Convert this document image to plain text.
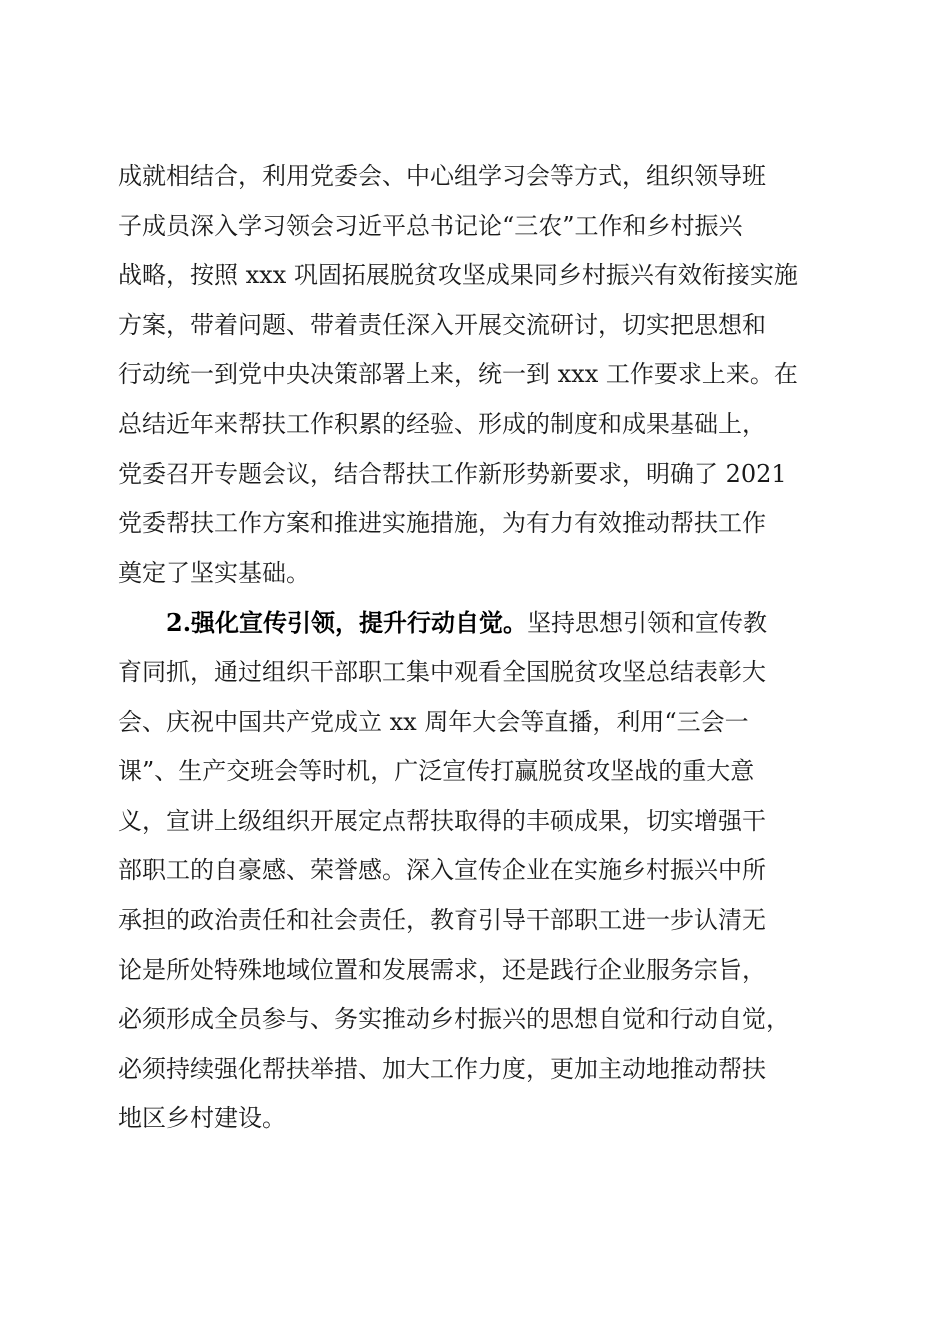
成就相结合，利用党委会、中心组学习会等方式，组织领导班
子成员深入学习领会习近平总书记论“三农”工作和乡村振兴
战略，按照 xxx 巩固拓展脱贫攻坚成果同乡村振兴有效衔接实施
方案，带着问题、带着责任深入开展交流研讨，切实把思想和
行动统一到党中央决策部署上来，统一到 xxx 工作要求上来。在
总结近年来帮扶工作积累的经验、形成的制度和成果基础上，
党委召开专题会议，结合帮扶工作新形势新要求，明确了 2021
党委帮扶工作方案和推进实施措施，为有力有效推动帮扶工作
奠定了坚实基础。
2.强化宣传引领，提升行动自觉。坚持思想引领和宣传教
育同抓，通过组织干部职工集中观看全国脱贫攻坚总结表彰大
会、庆祝中国共产党成立 xx 周年大会等直播，利用“三会一
课”、生产交班会等时机，广泛宣传打赢脱贫攻坚战的重大意
义，宣讲上级组织开展定点帮扶取得的丰硕成果，切实增强干
部职工的自豪感、荣誉感。深入宣传企业在实施乡村振兴中所
承担的政治责任和社会责任，教育引导干部职工进一步认清无
论是所处特殊地域位置和发展需求，还是践行企业服务宗旨，
必须形成全员参与、务实推动乡村振兴的思想自觉和行动自觉，
必须持续强化帮扶举措、加大工作力度，更加主动地推动帮扶
地区乡村建设。
